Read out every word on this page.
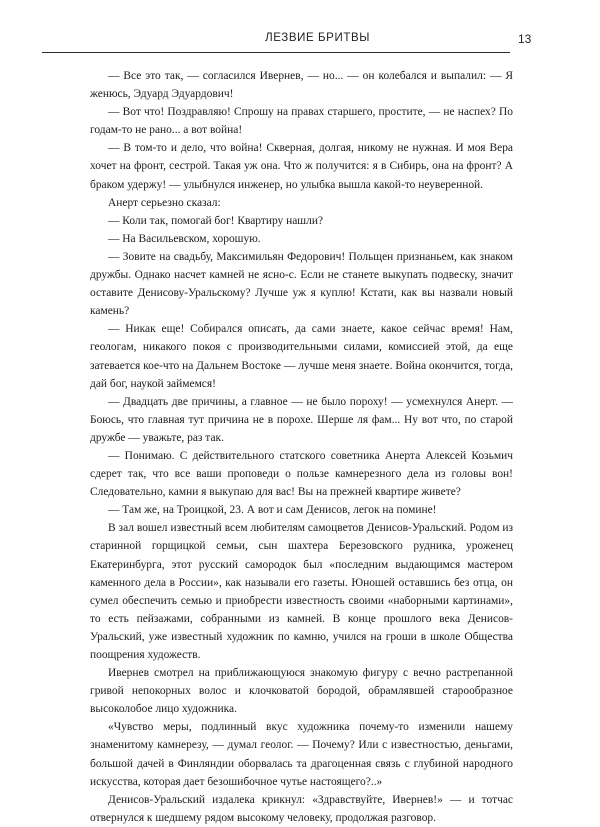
ЛЕЗВИЕ БРИТВЫ	13

— Все это так, — согласился Ивернев, — но... — он колебался и выпалил: — Я женюсь, Эдуард Эдуардович!

— Вот что! Поздравляю! Спрошу на правах старшего, простите, — не наспех? По годам-то не рано... а вот война!

— В том-то и дело, что война! Скверная, долгая, никому не нужная. И моя Вера хочет на фронт, сестрой. Такая уж она. Что ж получится: я в Сибирь, она на фронт? А браком удержу! — улыбнулся инженер, но улыбка вышла какой-то неуверенной.

Анерт серьезно сказал:

— Коли так, помогай бог! Квартиру нашли?

— На Васильевском, хорошую.

— Зовите на свадьбу, Максимильян Федорович! Польщен признаньем, как знаком дружбы. Однако насчет камней не ясно-с. Если не станете выкупать подвеску, значит оставите Денисову-Уральскому? Лучше уж я куплю! Кстати, как вы назвали новый камень?

— Никак еще! Собирался описать, да сами знаете, какое сейчас время! Нам, геологам, никакого покоя с производительными силами, комиссией этой, да еще затевается кое-что на Дальнем Востоке — лучше меня знаете. Война окончится, тогда, дай бог, наукой займемся!

— Двадцать две причины, а главное — не было пороху! — усмехнулся Анерт. — Боюсь, что главная тут причина не в порохе. Шерше ля фам... Ну вот что, по старой дружбе — уважьте, раз так.

— Понимаю. С действительного статского советника Анерта Алексей Козьмич сдерет так, что все ваши проповеди о пользе камнерезного дела из головы вон! Следовательно, камни я выкупаю для вас! Вы на прежней квартире живете?

— Там же, на Троицкой, 23. А вот и сам Денисов, легок на помине!

В зал вошел известный всем любителям самоцветов Денисов-Уральский. Родом из старинной горщицкой семьи, сын шахтера Березовского рудника, уроженец Екатеринбурга, этот русский самородок был «последним выдающимся мастером каменного дела в России», как называли его газеты. Юношей оставшись без отца, он сумел обеспечить семью и приобрести известность своими «наборными картинами», то есть пейзажами, собранными из камней. В конце прошлого века Денисов-Уральский, уже известный художник по камню, учился на гроши в школе Общества поощрения художеств.

Ивернев смотрел на приближающуюся знакомую фигуру с вечно растрепанной гривой непокорных волос и клочковатой бородой, обрамлявшей старообразное высоколобое лицо художника.

«Чувство меры, подлинный вкус художника почему-то изменили нашему знаменитому камнерезу, — думал геолог. — Почему? Или с известностью, деньгами, большой дачей в Финляндии оборвалась та драгоценная связь с глубиной народного искусства, которая дает безошибочное чутье настоящего?..»

Денисов-Уральский издалека крикнул: «Здравствуйте, Ивернев!» — и тотчас отвернулся к шедшему рядом высокому человеку, продолжая разговор.
